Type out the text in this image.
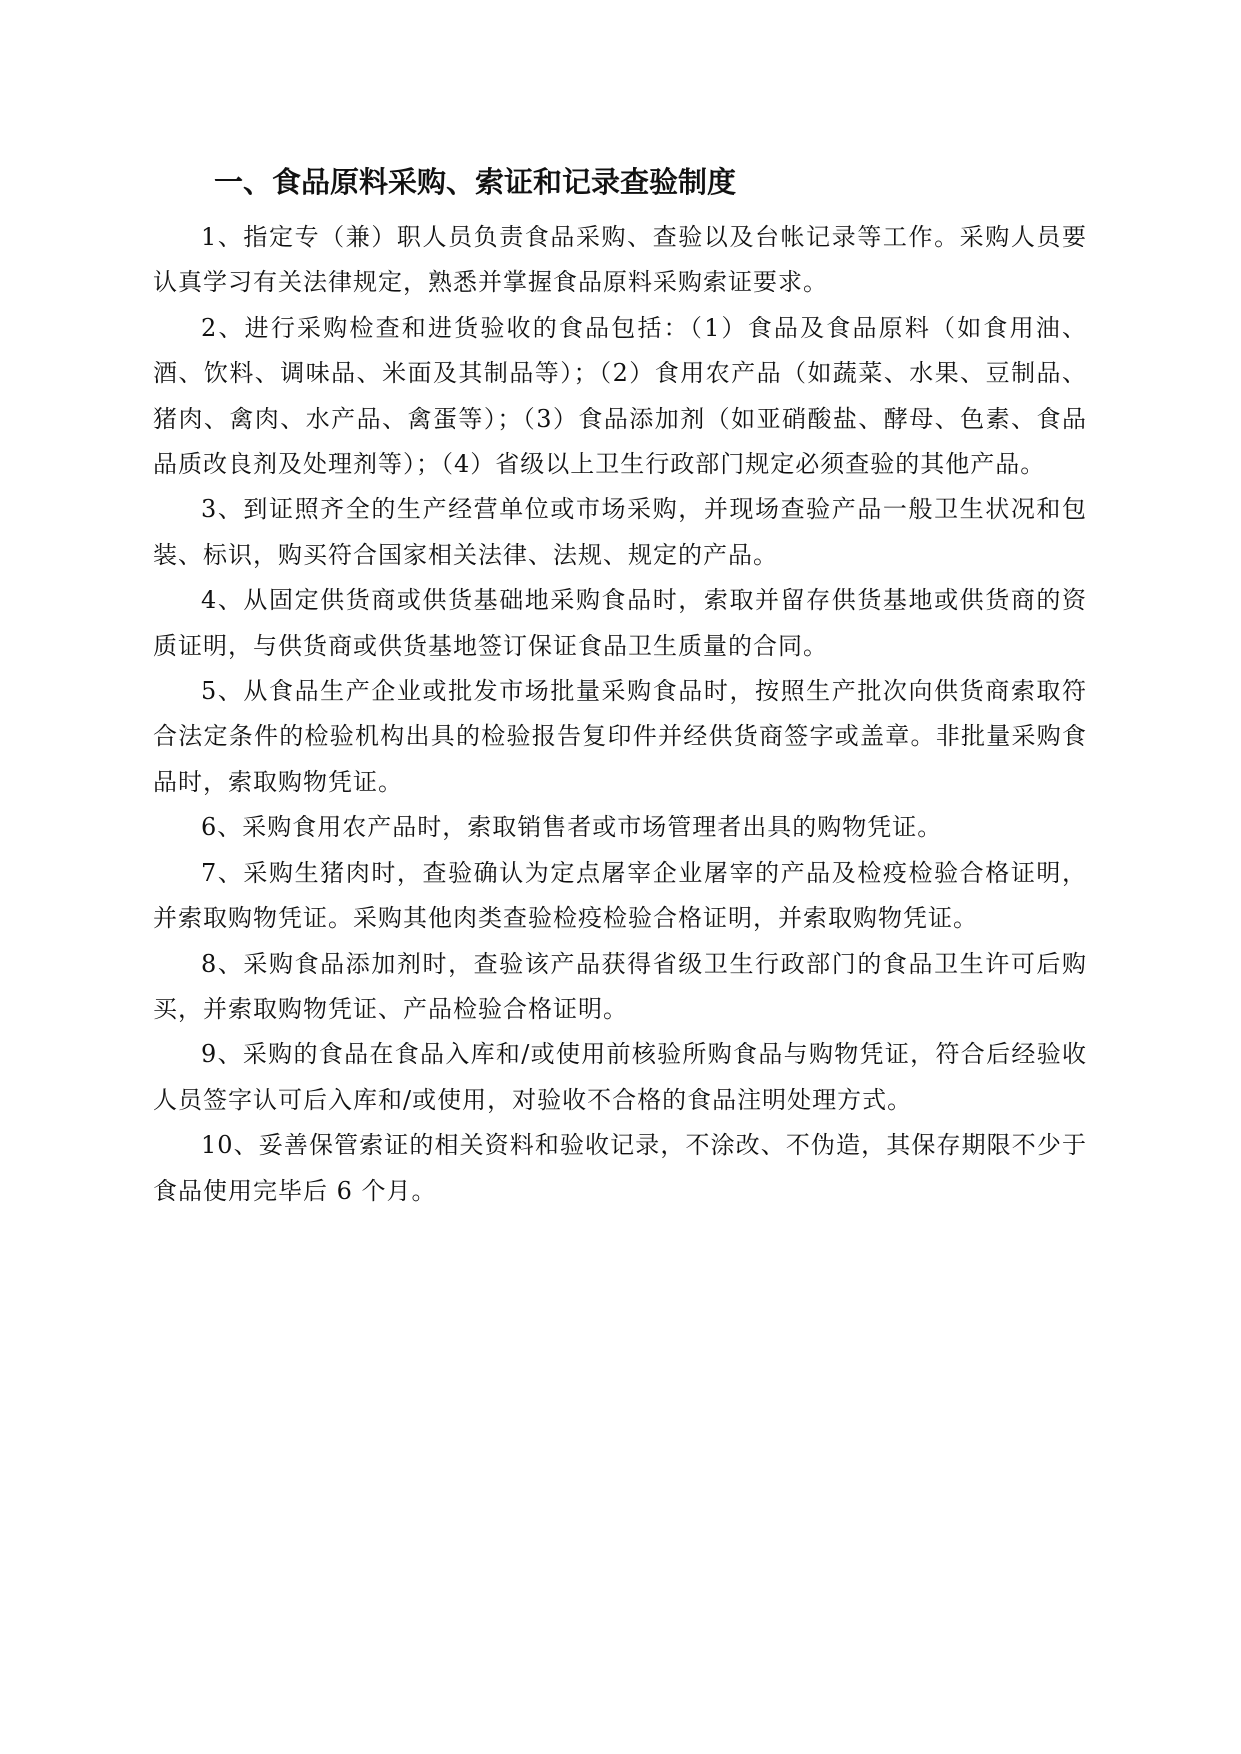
一、食品原料采购、索证和记录查验制度

1、指定专（兼）职人员负责食品采购、查验以及台帐记录等工作。采购人员要认真学习有关法律规定，熟悉并掌握食品原料采购索证要求。

2、进行采购检查和进货验收的食品包括：（1）食品及食品原料（如食用油、酒、饮料、调味品、米面及其制品等）；（2）食用农产品（如蔬菜、水果、豆制品、猪肉、禽肉、水产品、禽蛋等）；（3）食品添加剂（如亚硝酸盐、酵母、色素、食品品质改良剂及处理剂等）；（4）省级以上卫生行政部门规定必须查验的其他产品。

3、到证照齐全的生产经营单位或市场采购，并现场查验产品一般卫生状况和包装、标识，购买符合国家相关法律、法规、规定的产品。

4、从固定供货商或供货基础地采购食品时，索取并留存供货基地或供货商的资质证明，与供货商或供货基地签订保证食品卫生质量的合同。

5、从食品生产企业或批发市场批量采购食品时，按照生产批次向供货商索取符合法定条件的检验机构出具的检验报告复印件并经供货商签字或盖章。非批量采购食品时，索取购物凭证。

6、采购食用农产品时，索取销售者或市场管理者出具的购物凭证。

7、采购生猪肉时，查验确认为定点屠宰企业屠宰的产品及检疫检验合格证明，并索取购物凭证。采购其他肉类查验检疫检验合格证明，并索取购物凭证。

8、采购食品添加剂时，查验该产品获得省级卫生行政部门的食品卫生许可后购买，并索取购物凭证、产品检验合格证明。

9、采购的食品在食品入库和/或使用前核验所购食品与购物凭证，符合后经验收人员签字认可后入库和/或使用，对验收不合格的食品注明处理方式。

10、妥善保管索证的相关资料和验收记录，不涂改、不伪造，其保存期限不少于食品使用完毕后 6 个月。
